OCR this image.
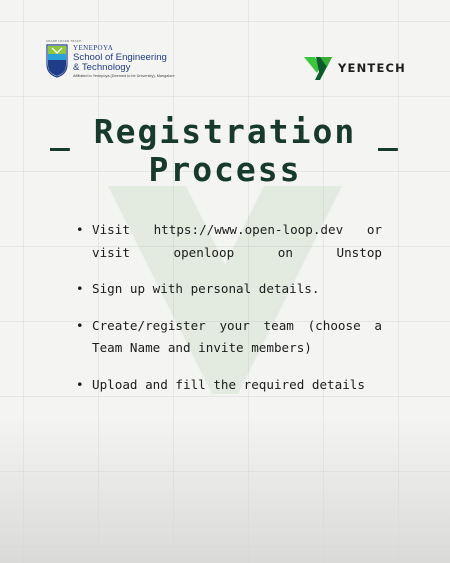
SHARE LEARN TEACH
YENEPOYA
School of Engineering
& Technology
Affiliated to Yenepoya (Deemed to be University), Mangalore
YENTECH
_ Registration _
Process
• Visit https://www.open-loop.dev or
visit openloop on Unstop
• Sign up with personal details.
• Create/register your team (choose a
Team Name and invite members)
• Upload and fill the required details
